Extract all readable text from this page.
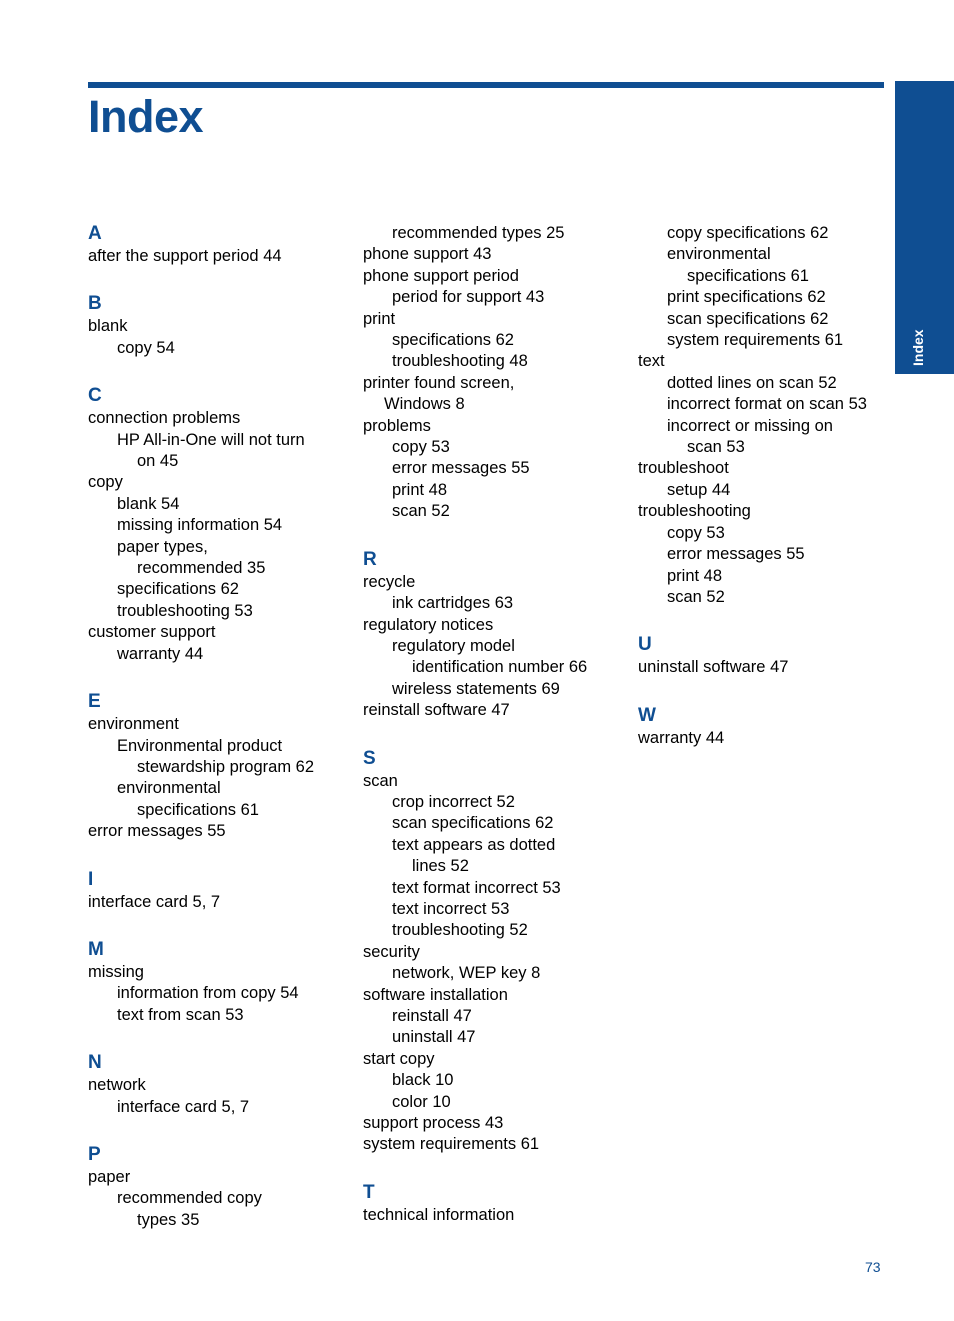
Index
Index
A
after the support period 44
B
blank
copy 54
C
connection problems
HP All-in-One will not turn
on 45
copy
blank 54
missing information 54
paper types,
recommended 35
specifications 62
troubleshooting 53
customer support
warranty 44
E
environment
Environmental product
stewardship program 62
environmental
specifications 61
error messages 55
I
interface card 5, 7
M
missing
information from copy 54
text from scan 53
N
network
interface card 5, 7
P
paper
recommended copy
types 35
recommended types 25
phone support 43
phone support period
period for support 43
print
specifications 62
troubleshooting 48
printer found screen,
Windows 8
problems
copy 53
error messages 55
print 48
scan 52
R
recycle
ink cartridges 63
regulatory notices
regulatory model
identification number 66
wireless statements 69
reinstall software 47
S
scan
crop incorrect 52
scan specifications 62
text appears as dotted
lines 52
text format incorrect 53
text incorrect 53
troubleshooting 52
security
network, WEP key 8
software installation
reinstall 47
uninstall 47
start copy
black 10
color 10
support process 43
system requirements 61
T
technical information
copy specifications 62
environmental
specifications 61
print specifications 62
scan specifications 62
system requirements 61
text
dotted lines on scan 52
incorrect format on scan 53
incorrect or missing on
scan 53
troubleshoot
setup 44
troubleshooting
copy 53
error messages 55
print 48
scan 52
U
uninstall software 47
W
warranty 44
73
